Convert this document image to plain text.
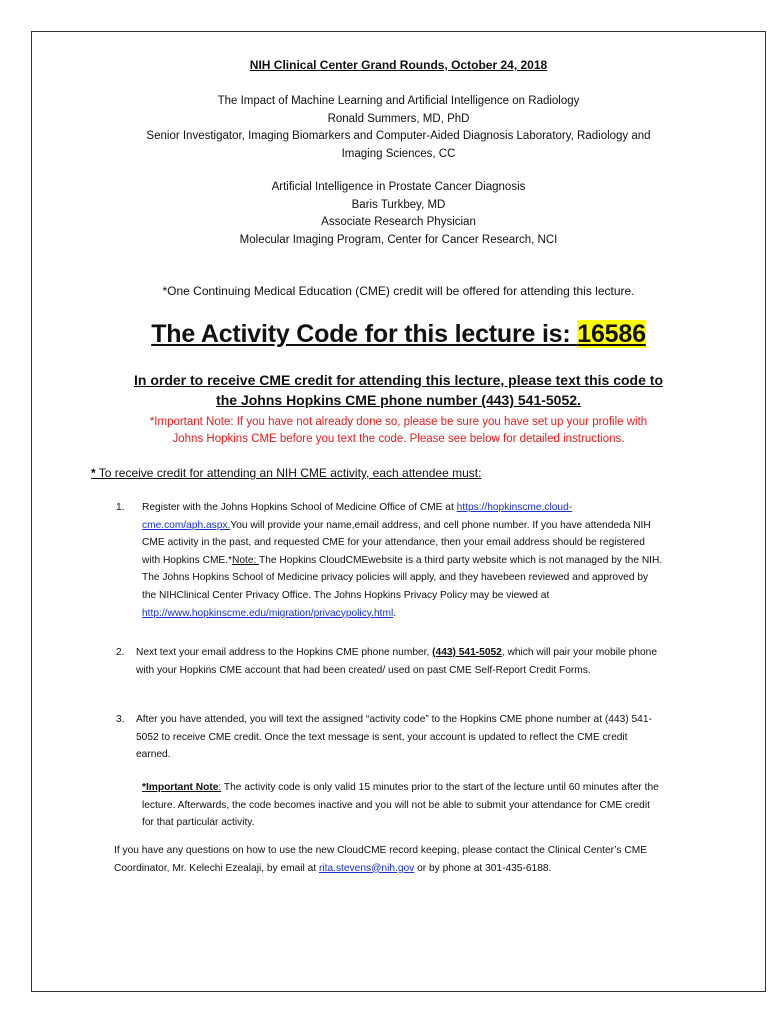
NIH Clinical Center Grand Rounds, October 24, 2018
The Impact of Machine Learning and Artificial Intelligence on Radiology
Ronald Summers, MD, PhD
Senior Investigator, Imaging Biomarkers and Computer-Aided Diagnosis Laboratory, Radiology and
Imaging Sciences, CC
Artificial Intelligence in Prostate Cancer Diagnosis
Baris Turkbey, MD
Associate Research Physician
Molecular Imaging Program, Center for Cancer Research, NCI
*One Continuing Medical Education (CME) credit will be offered for attending this lecture.
The Activity Code for this lecture is: 16586
In order to receive CME credit for attending this lecture, please text this code to
the Johns Hopkins CME phone number (443) 541-5052.
*Important Note: If you have not already done so, please be sure you have set up your profile with
Johns Hopkins CME before you text the code. Please see below for detailed instructions.
* To receive credit for attending an NIH CME activity, each attendee must:
1. Register with the Johns Hopkins School of Medicine Office of CME at https://hopkinscme.cloud-cme.com/aph.aspx.You will provide your name,email address, and cell phone number. If you have attendeda NIH CME activity in the past, and requested CME for your attendance, then your email address should be registered with Hopkins CME.*Note: The Hopkins CloudCMEwebsite is a third party website which is not managed by the NIH. The Johns Hopkins School of Medicine privacy policies will apply, and they havebeen reviewed and approved by the NIHClinical Center Privacy Office. The Johns Hopkins Privacy Policy may be viewed at http://www.hopkinscme.edu/migration/privacypolicy.html.
2. Next text your email address to the Hopkins CME phone number, (443) 541-5052, which will pair your mobile phone with your Hopkins CME account that had been created/ used on past CME Self-Report Credit Forms.
3. After you have attended, you will text the assigned “activity code” to the Hopkins CME phone number at (443) 541-5052 to receive CME credit. Once the text message is sent, your account is updated to reflect the CME credit earned.
*Important Note: The activity code is only valid 15 minutes prior to the start of the lecture until 60 minutes after the lecture. Afterwards, the code becomes inactive and you will not be able to submit your attendance for CME credit for that particular activity.
If you have any questions on how to use the new CloudCME record keeping, please contact the Clinical Center’s CME Coordinator, Mr. Kelechi Ezealaji, by email at rita.stevens@nih.gov or by phone at 301-435-6188.
